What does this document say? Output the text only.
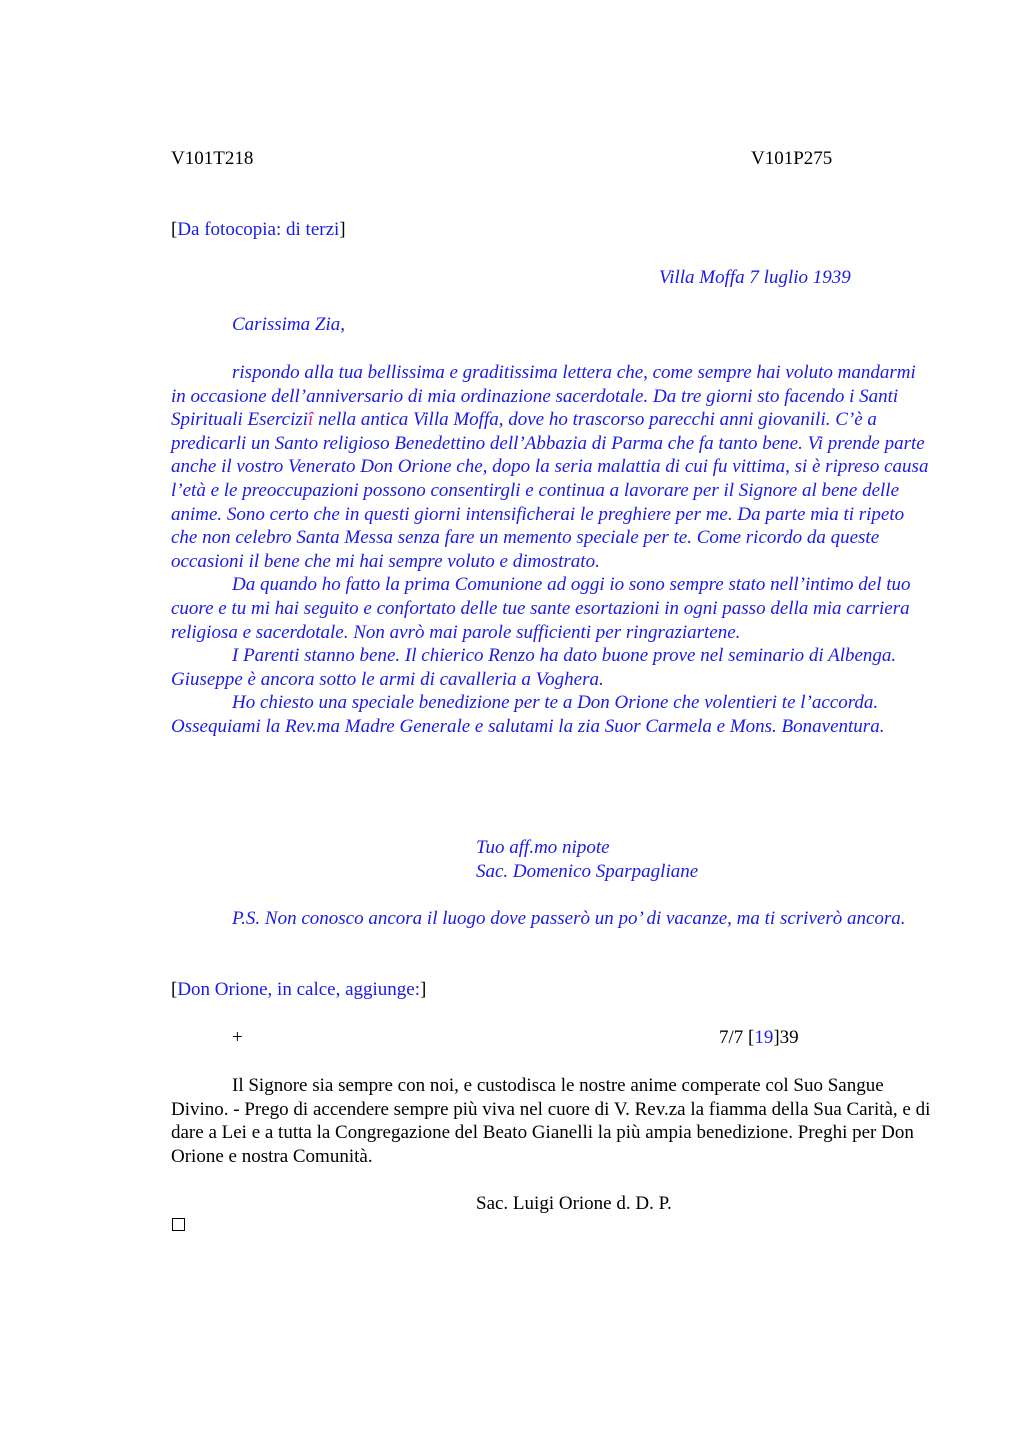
V101T218	V101P275
[Da fotocopia: di terzi]
Villa Moffa 7 luglio 1939
Carissima Zia,

rispondo alla tua bellissima e graditissima lettera che, come sempre hai voluto mandarmi in occasione dell’anniversario di mia ordinazione sacerdotale. Da tre giorni sto facendo i Santi Spirituali Eserciziî nella antica Villa Moffa, dove ho trascorso parecchi anni giovanili. C’è a predicarli un Santo religioso Benedettino dell’Abbazia di Parma che fa tanto bene. Vi prende parte anche il vostro Venerato Don Orione che, dopo la seria malattia di cui fu vittima, si è ripreso causa l’età e le preoccupazioni possono consentirgli e continua a lavorare per il Signore al bene delle anime. Sono certo che in questi giorni intensificherai le preghiere per me. Da parte mia ti ripeto che non celebro Santa Messa senza fare un memento speciale per te. Come ricordo da queste occasioni il bene che mi hai sempre voluto e dimostrato.

Da quando ho fatto la prima Comunione ad oggi io sono sempre stato nell’intimo del tuo cuore e tu mi hai seguito e confortato delle tue sante esortazioni in ogni passo della mia carriera religiosa e sacerdotale. Non avrò mai parole sufficienti per ringraziartene.

I Parenti stanno bene. Il chierico Renzo ha dato buone prove nel seminario di Albenga. Giuseppe è ancora sotto le armi di cavalleria a Voghera.

Ho chiesto una speciale benedizione per te a Don Orione che volentieri te l’accorda. Ossequiami la Rev.ma Madre Generale e salutami la zia Suor Carmela e Mons. Bonaventura.

Tuo aff.mo nipote
Sac. Domenico Sparpagliane

P.S. Non conosco ancora il luogo dove passerò un po’ di vacanze, ma ti scriverò ancora.

[Don Orione, in calce, aggiunge:]
+	7/7 [19]39

Il Signore sia sempre con noi, e custodisca le nostre anime comperate col Suo Sangue Divino. - Prego di accendere sempre più viva nel cuore di V. Rev.za la fiamma della Sua Carità, e di dare a Lei e a tutta la Congregazione del Beato Gianelli la più ampia benedizione. Preghi per Don Orione e nostra Comunità.

Sac. Luigi Orione d. D. P.
